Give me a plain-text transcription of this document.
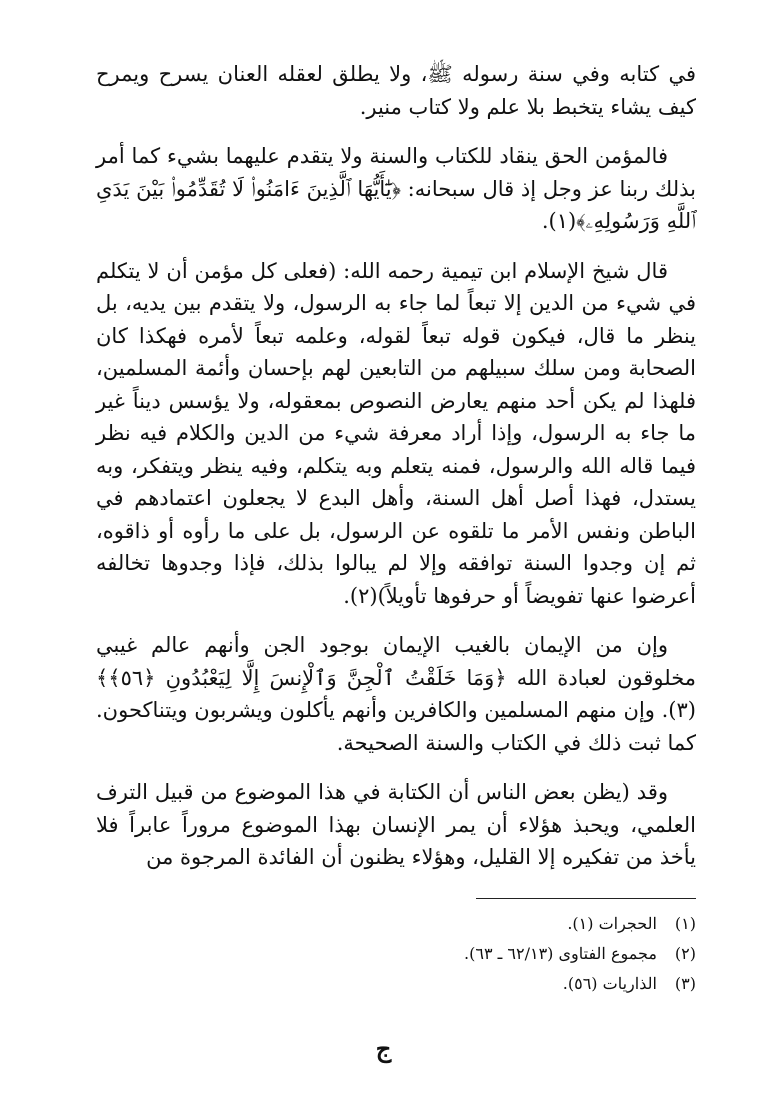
في كتابه وفي سنة رسوله ﷺ، ولا يطلق لعقله العنان يسرح ويمرح كيف يشاء يتخبط بلا علم ولا كتاب منير.

فالمؤمن الحق ينقاد للكتاب والسنة ولا يتقدم عليهما بشيء كما أمر بذلك ربنا عز وجل إذ قال سبحانه: ﴿يَٰٓأَيُّهَا ٱلَّذِينَ ءَامَنُوا۟ لَا تُقَدِّمُوا۟ بَيْنَ يَدَىِ ٱللَّهِ وَرَسُولِهِۦ﴾(١).

قال شيخ الإسلام ابن تيمية رحمه الله: (فعلى كل مؤمن أن لا يتكلم في شيء من الدين إلا تبعاً لما جاء به الرسول، ولا يتقدم بين يديه، بل ينظر ما قال، فيكون قوله تبعاً لقوله، وعلمه تبعاً لأمره فهكذا كان الصحابة ومن سلك سبيلهم من التابعين لهم بإحسان وأئمة المسلمين، فلهذا لم يكن أحد منهم يعارض النصوص بمعقوله، ولا يؤسس ديناً غير ما جاء به الرسول، وإذا أراد معرفة شيء من الدين والكلام فيه نظر فيما قاله الله والرسول، فمنه يتعلم وبه يتكلم، وفيه ينظر ويتفكر، وبه يستدل، فهذا أصل أهل السنة، وأهل البدع لا يجعلون اعتمادهم في الباطن ونفس الأمر ما تلقوه عن الرسول، بل على ما رأوه أو ذاقوه، ثم إن وجدوا السنة توافقه وإلا لم يبالوا بذلك، فإذا وجدوها تخالفه أعرضوا عنها تفويضاً أو حرفوها تأويلاً)(٢).

وإن من الإيمان بالغيب الإيمان بوجود الجن وأنهم عالم غيبي مخلوقون لعبادة الله ﴿وَمَا خَلَقْتُ ٱلْجِنَّ وَٱلْإِنسَ إِلَّا لِيَعْبُدُونِ ﴿٥٦﴾﴾(٣). وإن منهم المسلمين والكافرين وأنهم يأكلون ويشربون ويتناكحون. كما ثبت ذلك في الكتاب والسنة الصحيحة.

وقد (يظن بعض الناس أن الكتابة في هذا الموضوع من قبيل الترف العلمي، ويحبذ هؤلاء أن يمر الإنسان بهذا الموضوع مروراً عابراً فلا يأخذ من تفكيره إلا القليل، وهؤلاء يظنون أن الفائدة المرجوة من

(١) الحجرات (١).

(٢) مجموع الفتاوى (٦٢/١٣ ـ ٦٣).

(٣) الذاريات (٥٦).

ج
